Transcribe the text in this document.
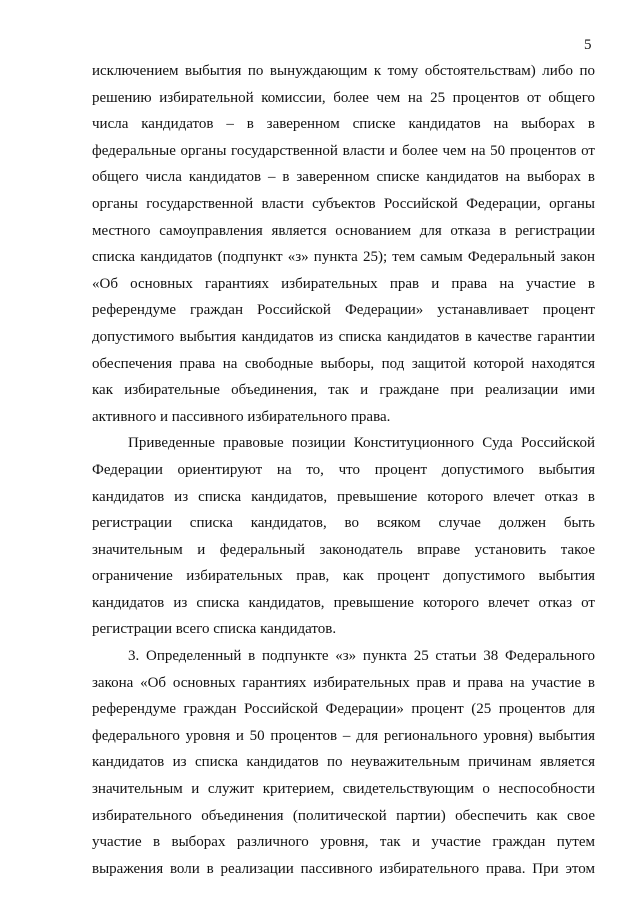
5
исключением выбытия по вынуждающим к тому обстоятельствам) либо по
решению избирательной комиссии, более чем на 25 процентов от общего
числа кандидатов – в заверенном списке кандидатов на выборах в
федеральные органы государственной власти и более чем на 50 процентов от
общего числа кандидатов – в заверенном списке кандидатов на выборах в
органы государственной власти субъектов Российской Федерации, органы
местного самоуправления является основанием для отказа в регистрации
списка кандидатов (подпункт «з» пункта 25); тем самым Федеральный закон
«Об основных гарантиях избирательных прав и права на участие в
референдуме граждан Российской Федерации» устанавливает процент
допустимого выбытия кандидатов из списка кандидатов в качестве гарантии
обеспечения права на свободные выборы, под защитой которой находятся
как избирательные объединения, так и граждане при реализации ими
активного и пассивного избирательного права.
Приведенные правовые позиции Конституционного Суда Российской
Федерации ориентируют на то, что процент допустимого выбытия
кандидатов из списка кандидатов, превышение которого влечет отказ в
регистрации списка кандидатов, во всяком случае должен быть
значительным и федеральный законодатель вправе установить такое
ограничение избирательных прав, как процент допустимого выбытия
кандидатов из списка кандидатов, превышение которого влечет отказ от
регистрации всего списка кандидатов.
3. Определенный в подпункте «з» пункта 25 статьи 38 Федерального
закона «Об основных гарантиях избирательных прав и права на участие в
референдуме граждан Российской Федерации» процент (25 процентов для
федерального уровня и 50 процентов – для регионального уровня) выбытия
кандидатов из списка кандидатов по неуважительным причинам является
значительным и служит критерием, свидетельствующим о неспособности
избирательного объединения (политической партии) обеспечить как свое
участие в выборах различного уровня, так и участие граждан путем
выражения воли в реализации пассивного избирательного права. При этом
